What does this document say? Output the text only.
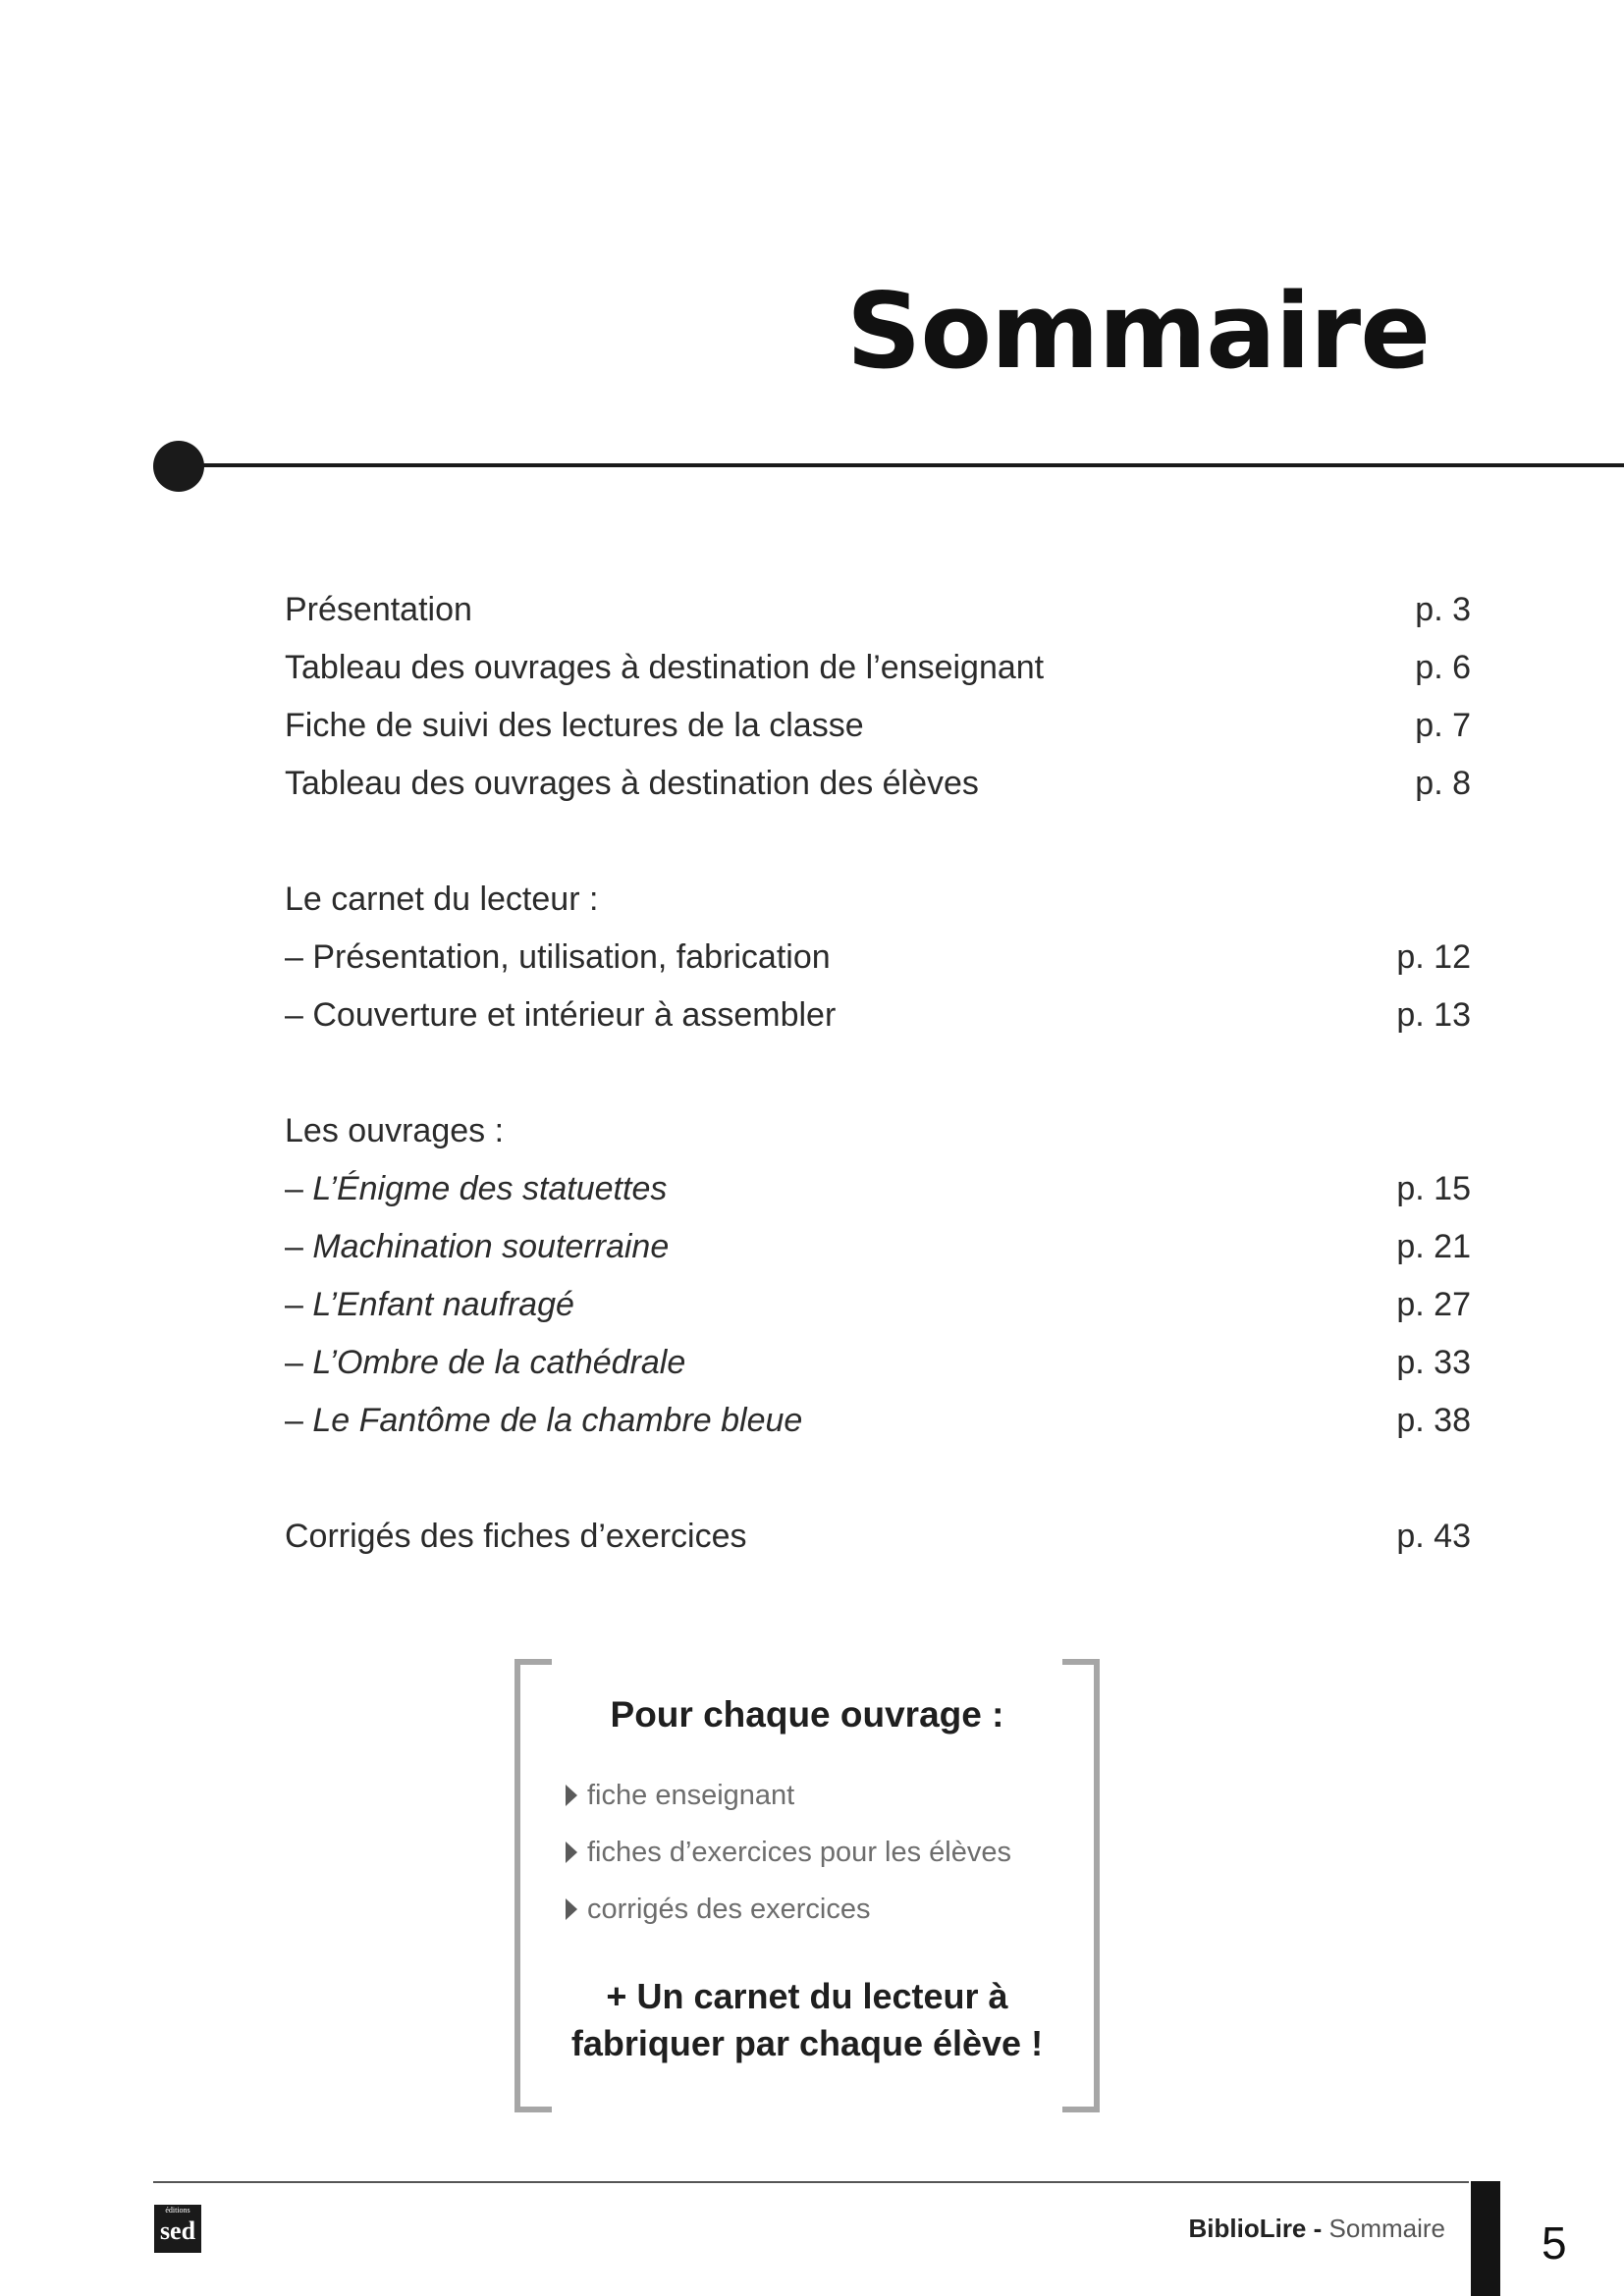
Sommaire
Présentation	p. 3
Tableau des ouvrages à destination de l’enseignant	p. 6
Fiche de suivi des lectures de la classe	p. 7
Tableau des ouvrages à destination des élèves	p. 8
Le carnet du lecteur :
– Présentation, utilisation, fabrication	p. 12
– Couverture et intérieur à assembler	p. 13
Les ouvrages :
– L’Énigme des statuettes	p. 15
– Machination souterraine	p. 21
– L’Enfant naufragé	p. 27
– L’Ombre de la cathédrale	p. 33
– Le Fantôme de la chambre bleue	p. 38
Corrigés des fiches d’exercices	p. 43
Pour chaque ouvrage :
fiche enseignant
fiches d’exercices pour les élèves
corrigés des exercices
+ Un carnet du lecteur à
fabriquer par chaque élève !
éditions
sed	BiblioLire - Sommaire 5
